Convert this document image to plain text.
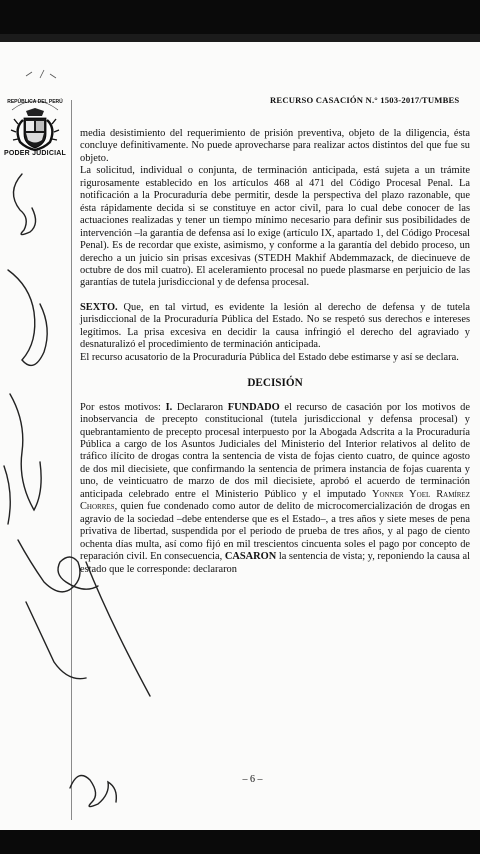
REPÚBLICA DEL PERÚ
PODER JUDICIAL
RECURSO CASACIÓN N.° 1503-2017/TUMBES

media desistimiento del requerimiento de prisión preventiva, objeto de la diligencia, ésta concluye definitivamente. No puede aprovecharse para realizar actos distintos del que fue su objeto.

La solicitud, individual o conjunta, de terminación anticipada, está sujeta a un trámite rigurosamente establecido en los artículos 468 al 471 del Código Procesal Penal. La notificación a la Procuraduría debe permitir, desde la perspectiva del plazo razonable, que ésta rápidamente decida si se constituye en actor civil, para lo cual debe conocer de las actuaciones realizadas y tener un tiempo mínimo necesario para definir sus posibilidades de intervención –la garantía de defensa así lo exige (artículo IX, apartado 1, del Código Procesal Penal). Es de recordar que existe, asimismo, y conforme a la garantía del debido proceso, un derecho a un juicio sin prisas excesivas (STEDH Makhif Abdemmazack, de diecinueve de octubre de dos mil cuatro). El aceleramiento procesal no puede plasmarse en perjuicio de las garantías de tutela jurisdiccional y de defensa procesal.

SEXTO. Que, en tal virtud, es evidente la lesión al derecho de defensa y de tutela jurisdiccional de la Procuraduría Pública del Estado. No se respetó sus derechos e intereses legítimos. La prisa excesiva en decidir la causa infringió el derecho del agraviado y desnaturalizó el procedimiento de terminación anticipada.

El recurso acusatorio de la Procuraduría Pública del Estado debe estimarse y así se declara.

DECISIÓN

Por estos motivos: I. Declararon FUNDADO el recurso de casación por los motivos de inobservancia de precepto constitucional (tutela jurisdiccional y defensa procesal) y quebrantamiento de precepto procesal interpuesto por la Abogada Adscrita a la Procuraduría Pública a cargo de los Asuntos Judiciales del Ministerio del Interior relativos al delito de tráfico ilícito de drogas contra la sentencia de vista de fojas ciento cuatro, de quince agosto de dos mil diecisiete, que confirmando la sentencia de primera instancia de fojas cuarenta y uno, de veinticuatro de marzo de dos mil diecisiete, aprobó el acuerdo de terminación anticipada celebrado entre el Ministerio Público y el imputado Yonner Yoel Ramírez Chorres, quien fue condenado como autor de delito de microcomercialización de drogas en agravio de la sociedad –debe entenderse que es el Estado–, a tres años y siete meses de pena privativa de libertad, suspendida por el periodo de prueba de tres años, y al pago de ciento ochenta días multa, así como fijó en mil trescientos cincuenta soles el pago por concepto de reparación civil. En consecuencia, CASARON la sentencia de vista; y, reponiendo la causa al estado que le corresponde: declararon

– 6 –
